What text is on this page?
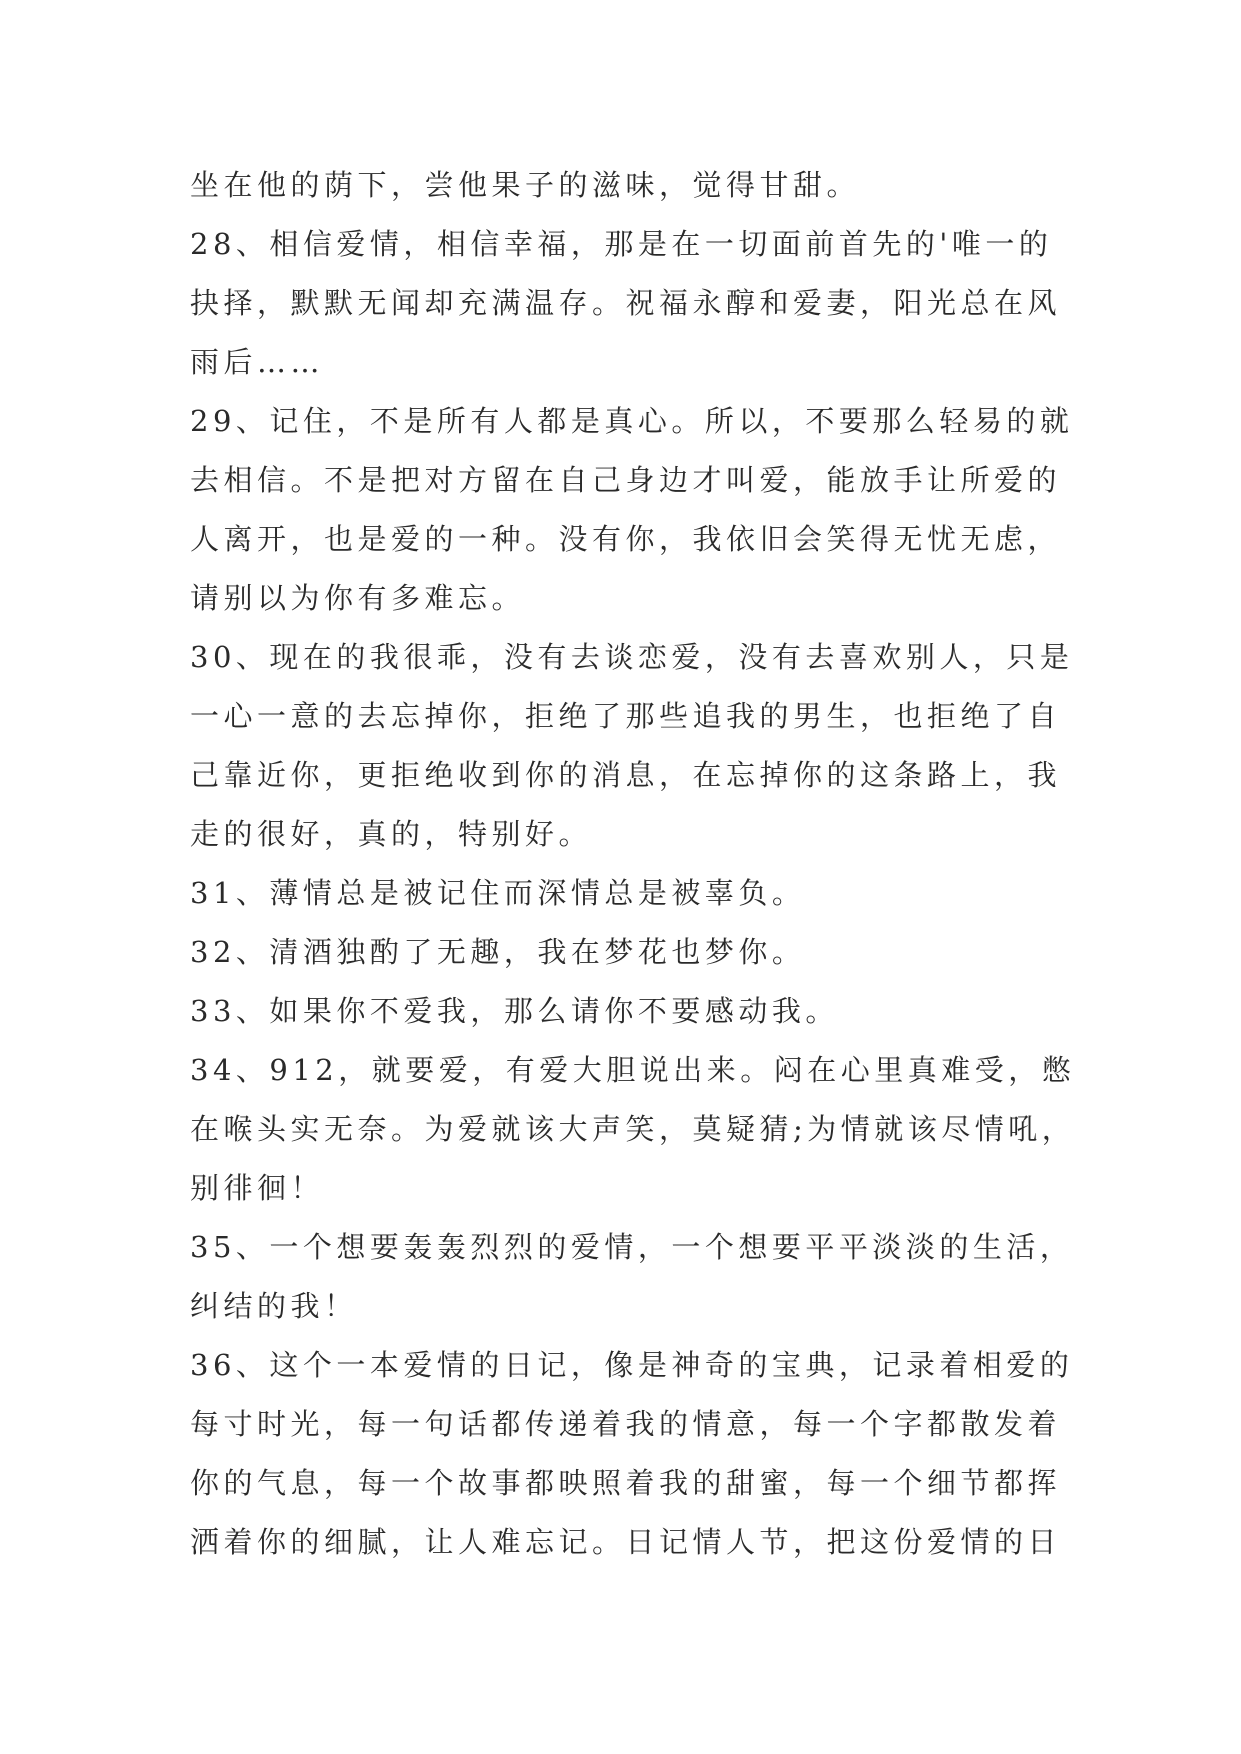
坐在他的荫下，尝他果子的滋味，觉得甘甜。
28、相信爱情，相信幸福，那是在一切面前首先的'唯一的
抉择，默默无闻却充满温存。祝福永醇和爱妻，阳光总在风
雨后……
29、记住，不是所有人都是真心。所以，不要那么轻易的就
去相信。不是把对方留在自己身边才叫爱，能放手让所爱的
人离开，也是爱的一种。没有你，我依旧会笑得无忧无虑，
请别以为你有多难忘。
30、现在的我很乖，没有去谈恋爱，没有去喜欢别人，只是
一心一意的去忘掉你，拒绝了那些追我的男生，也拒绝了自
己靠近你，更拒绝收到你的消息，在忘掉你的这条路上，我
走的很好，真的，特别好。
31、薄情总是被记住而深情总是被辜负。
32、清酒独酌了无趣，我在梦花也梦你。
33、如果你不爱我，那么请你不要感动我。
34、912，就要爱，有爱大胆说出来。闷在心里真难受，憋
在喉头实无奈。为爱就该大声笑，莫疑猜;为情就该尽情吼，
别徘徊！
35、一个想要轰轰烈烈的爱情，一个想要平平淡淡的生活，
纠结的我！
36、这个一本爱情的日记，像是神奇的宝典，记录着相爱的
每寸时光，每一句话都传递着我的情意，每一个字都散发着
你的气息，每一个故事都映照着我的甜蜜，每一个细节都挥
洒着你的细腻，让人难忘记。日记情人节，把这份爱情的日
